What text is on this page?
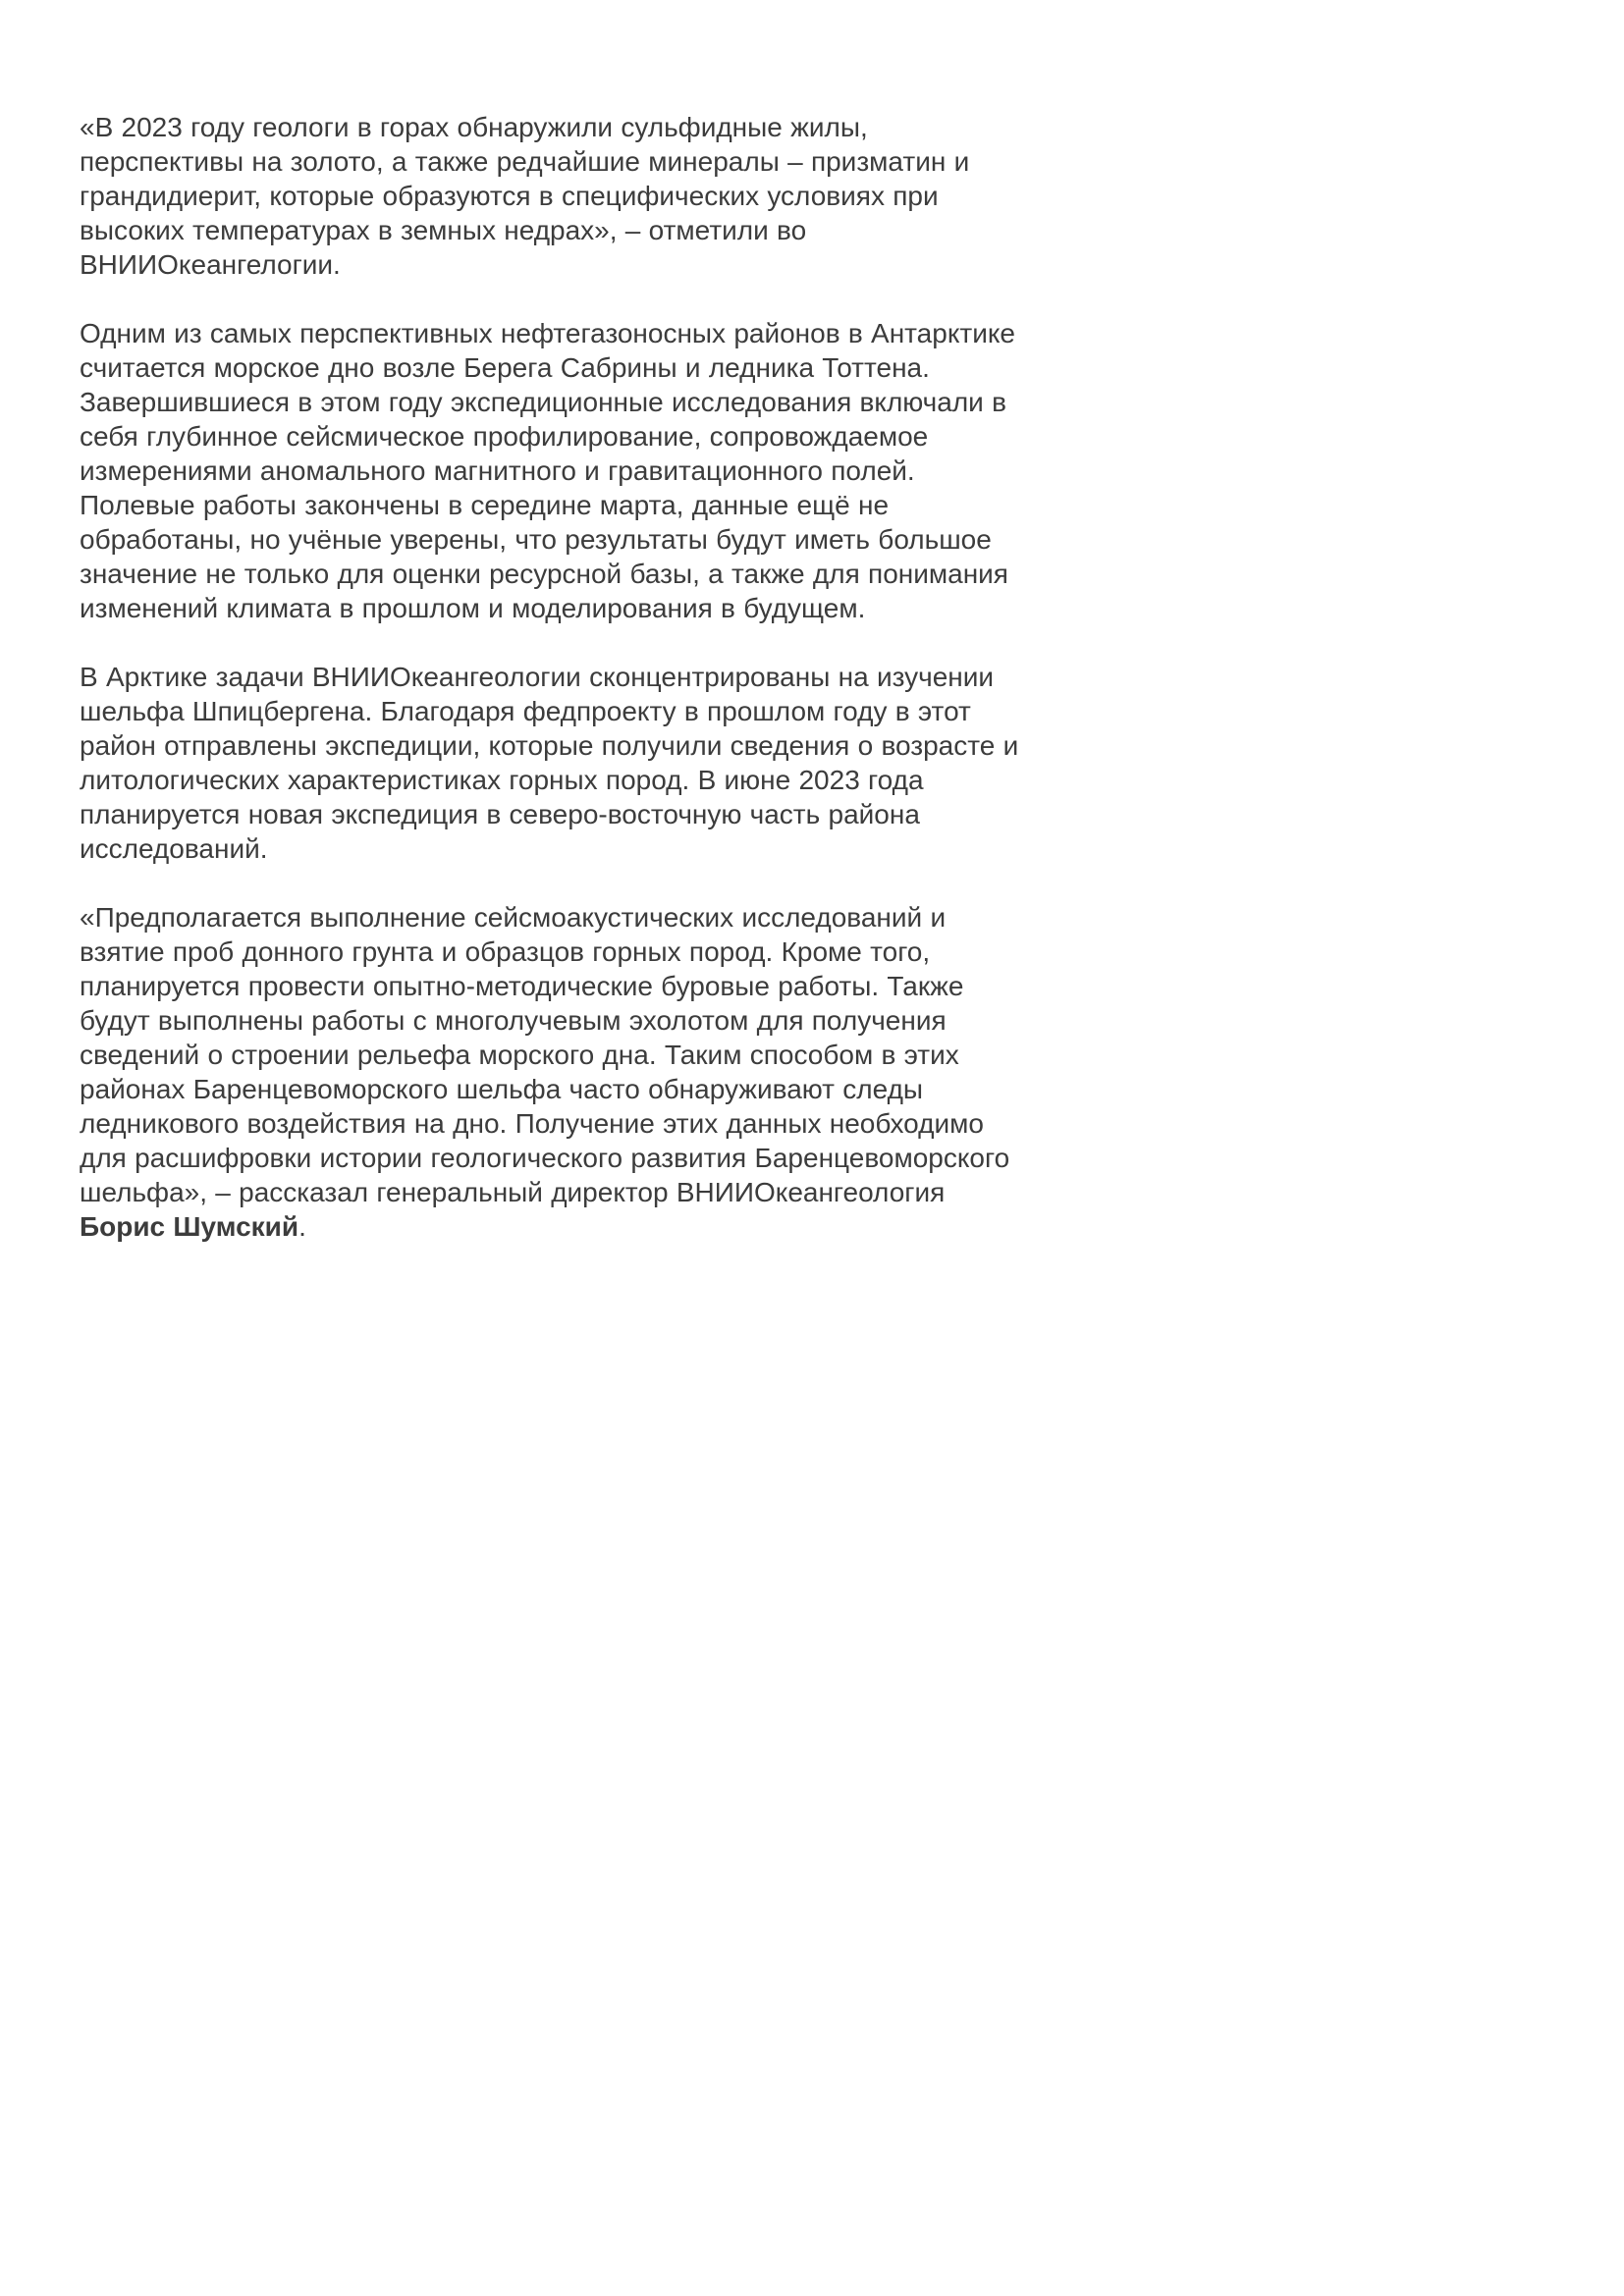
«В 2023 году геологи в горах обнаружили сульфидные жилы, перспективы на золото, а также редчайшие минералы – призматин и грандидиерит, которые образуются в специфических условиях при высоких температурах в земных недрах», – отметили во ВНИИОкеангелогии.

Одним из самых перспективных нефтегазоносных районов в Антарктике считается морское дно возле Берега Сабрины и ледника Тоттена. Завершившиеся в этом году экспедиционные исследования включали в себя глубинное сейсмическое профилирование, сопровождаемое измерениями аномального магнитного и гравитационного полей. Полевые работы закончены в середине марта, данные ещё не обработаны, но учёные уверены, что результаты будут иметь большое значение не только для оценки ресурсной базы, а также для понимания изменений климата в прошлом и моделирования в будущем.

В Арктике задачи ВНИИОкеангеологии сконцентрированы на изучении шельфа Шпицбергена. Благодаря федпроекту в прошлом году в этот район отправлены экспедиции, которые получили сведения о возрасте и литологических характеристиках горных пород. В июне 2023 года планируется новая экспедиция в северо-восточную часть района исследований.

«Предполагается выполнение сейсмоакустических исследований и взятие проб донного грунта и образцов горных пород. Кроме того, планируется провести опытно-методические буровые работы. Также будут выполнены работы с многолучевым эхолотом для получения сведений о строении рельефа морского дна. Таким способом в этих районах Баренцевоморского шельфа часто обнаруживают следы ледникового воздействия на дно. Получение этих данных необходимо для расшифровки истории геологического развития Баренцевоморского шельфа», – рассказал генеральный директор ВНИИОкеангеология Борис Шумский.
